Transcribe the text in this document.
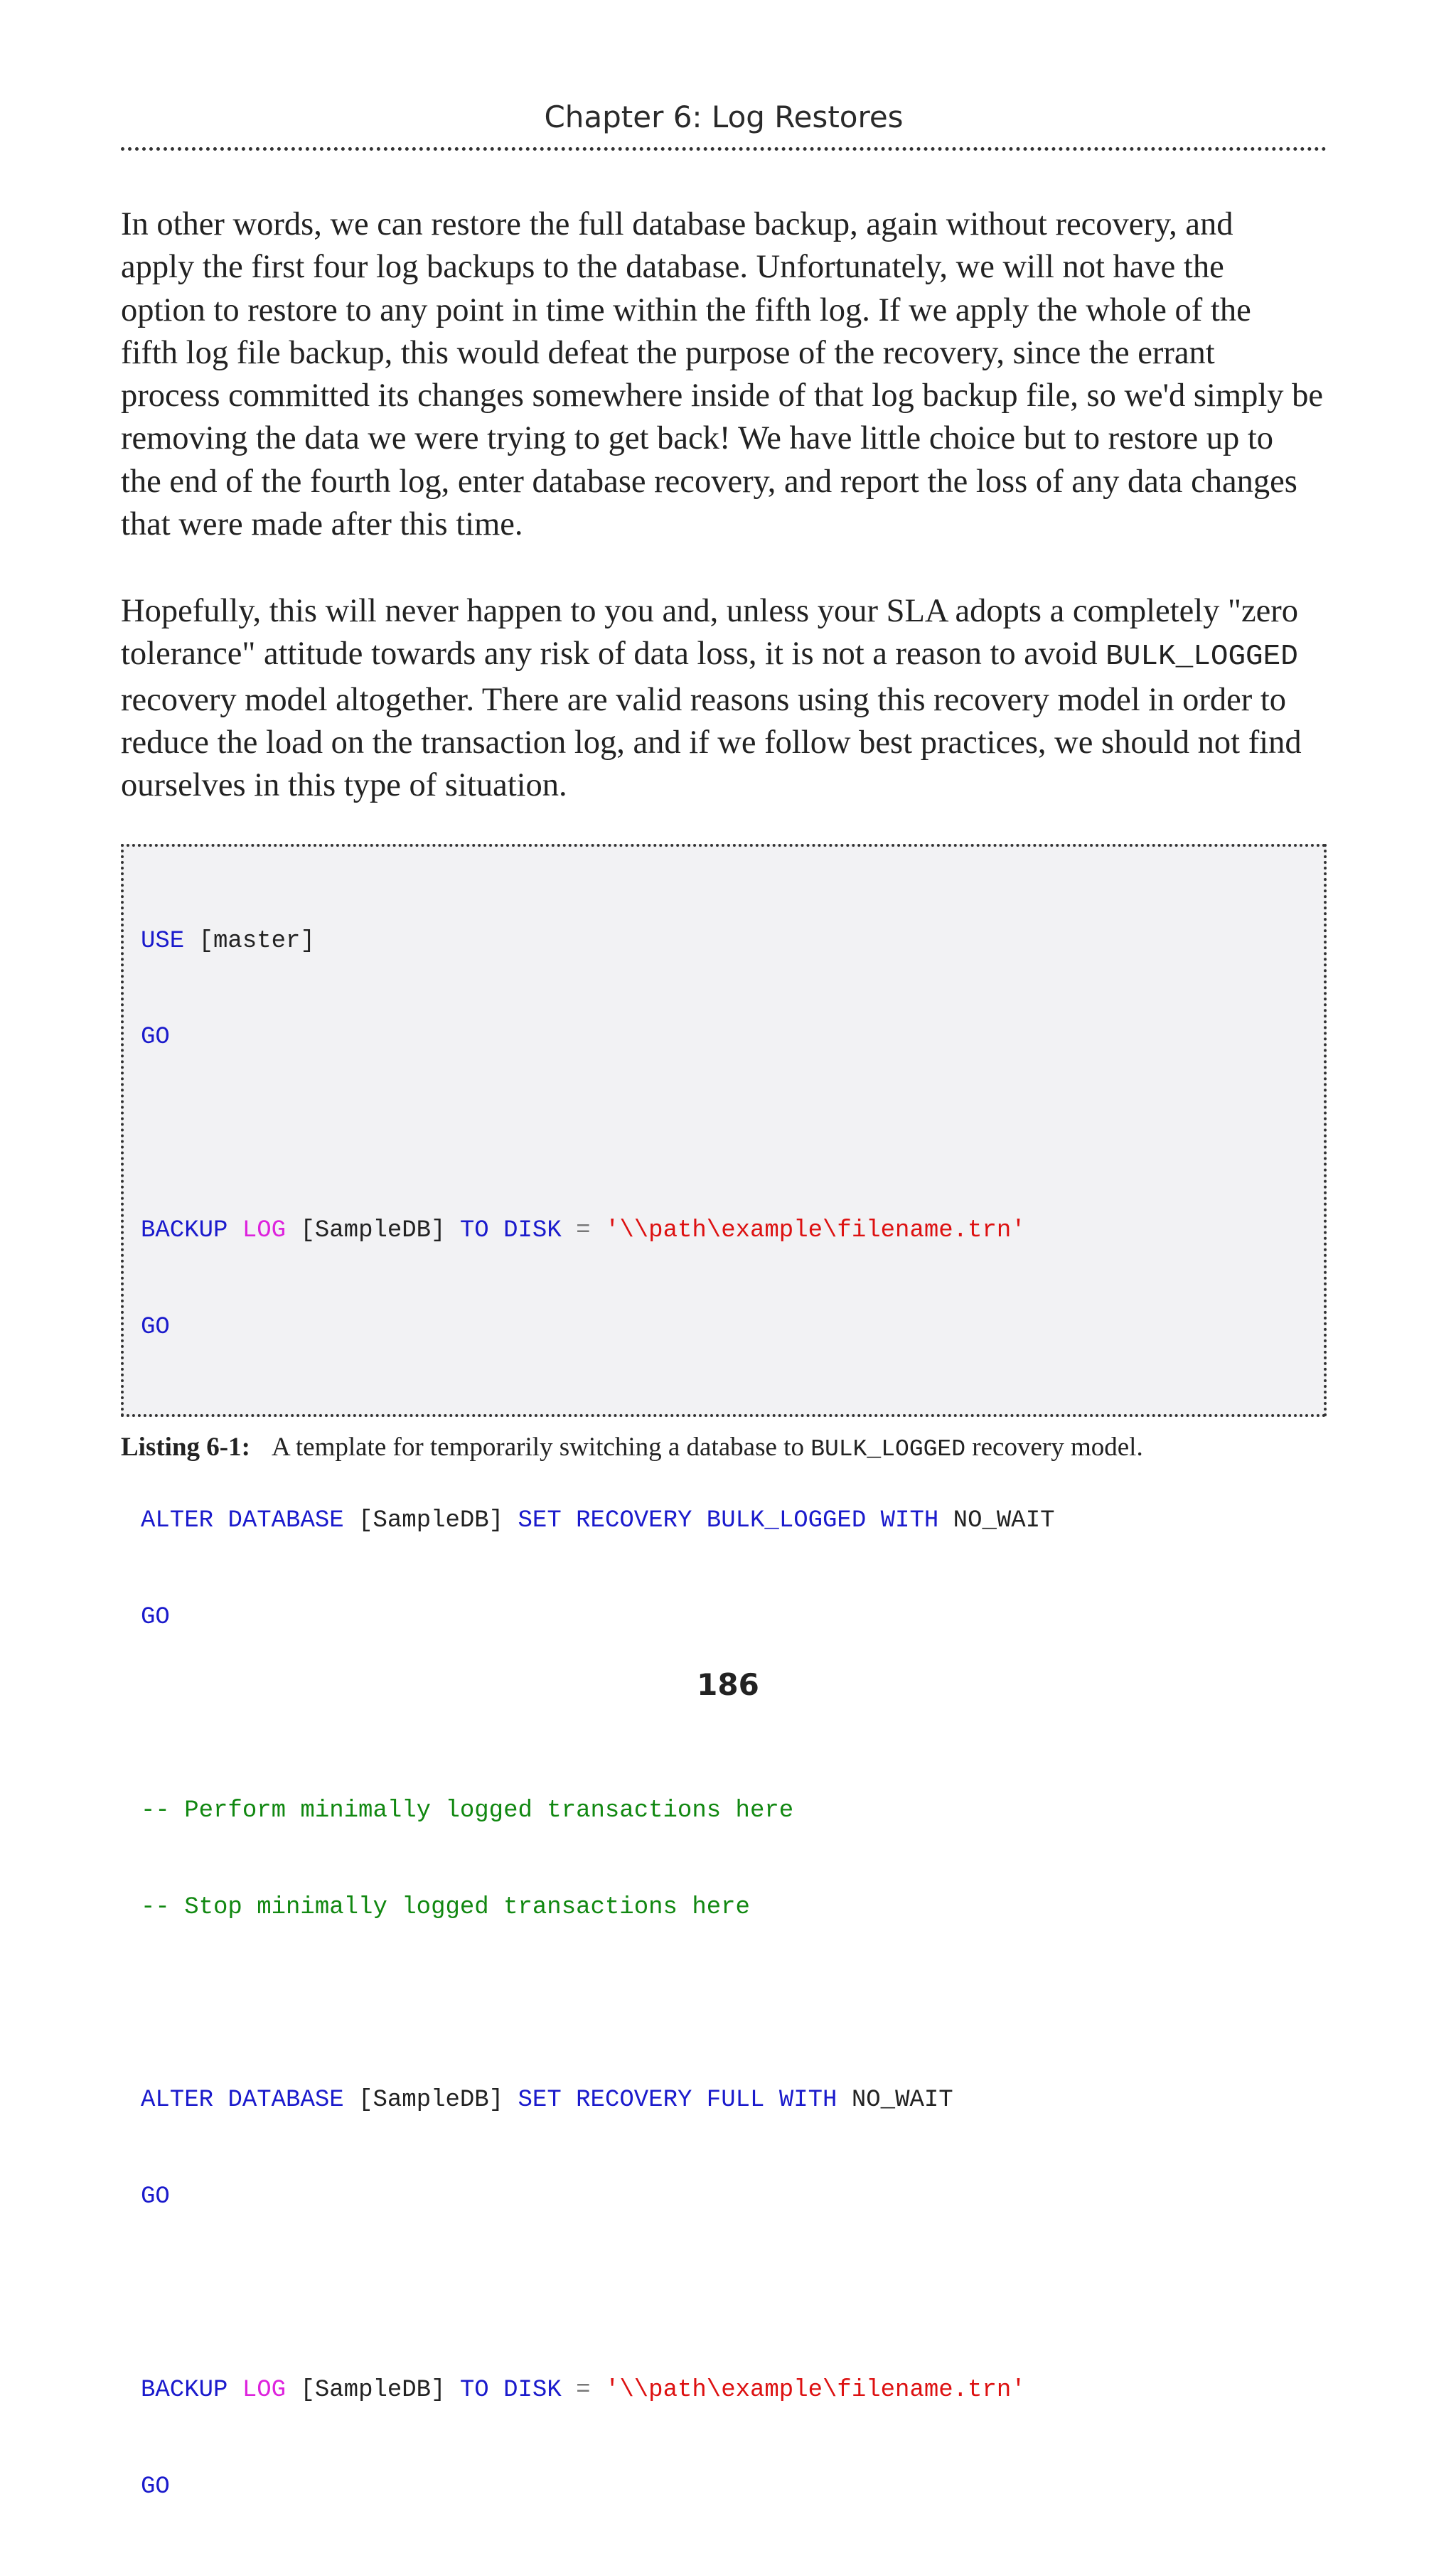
Chapter 6: Log Restores

In other words, we can restore the full database backup, again without recovery, and
apply the first four log backups to the database. Unfortunately, we will not have the
option to restore to any point in time within the fifth log. If we apply the whole of the
fifth log file backup, this would defeat the purpose of the recovery, since the errant
process committed its changes somewhere inside of that log backup file, so we'd simply be
removing the data we were trying to get back! We have little choice but to restore up to
the end of the fourth log, enter database recovery, and report the loss of any data changes
that were made after this time.

Hopefully, this will never happen to you and, unless your SLA adopts a completely "zero
tolerance" attitude towards any risk of data loss, it is not a reason to avoid BULK_LOGGED
recovery model altogether. There are valid reasons using this recovery model in order to
reduce the load on the transaction log, and if we follow best practices, we should not find
ourselves in this type of situation.

USE [master]

GO

BACKUP LOG [SampleDB] TO DISK = '\\path\example\filename.trn'

GO

ALTER DATABASE [SampleDB] SET RECOVERY BULK_LOGGED WITH NO_WAIT

GO

-- Perform minimally logged transactions here

-- Stop minimally logged transactions here

ALTER DATABASE [SampleDB] SET RECOVERY FULL WITH NO_WAIT

GO

BACKUP LOG [SampleDB] TO DISK = '\\path\example\filename.trn'

GO

Listing 6-1: A template for temporarily switching a database to BULK_LOGGED recovery model.
186
